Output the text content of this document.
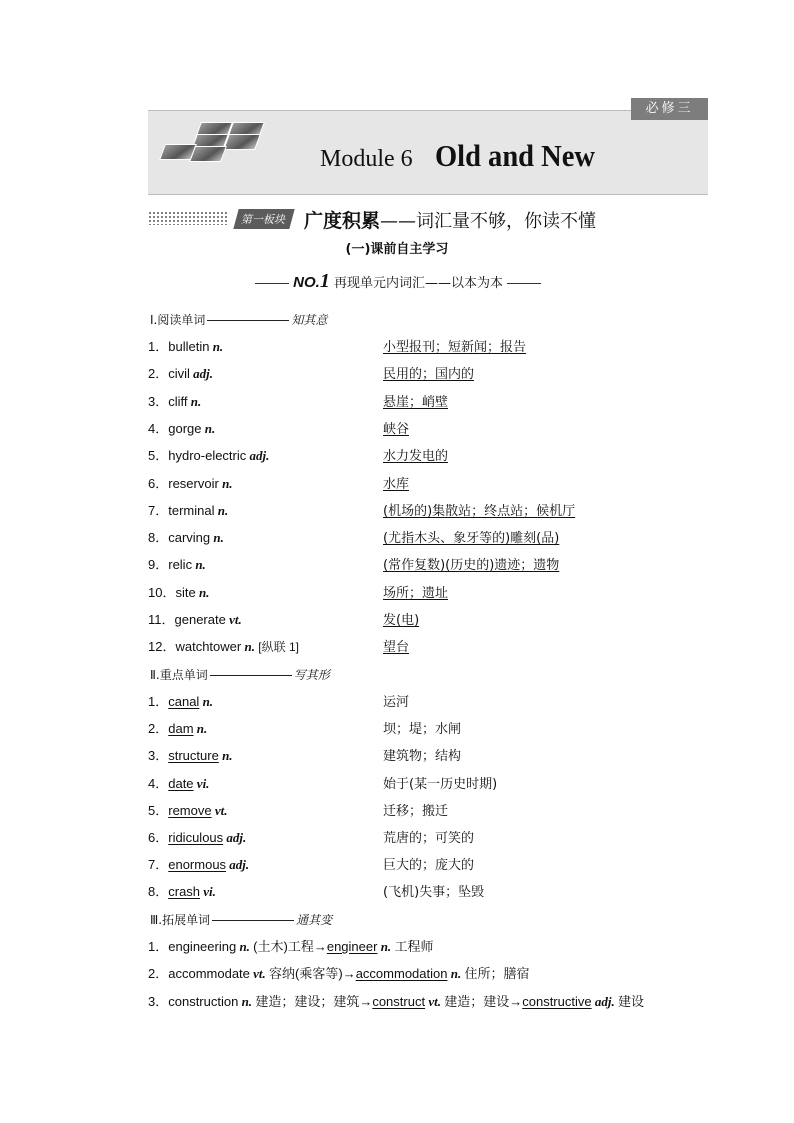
必修三
Module 6 Old and New
第一板块 广度积累——词汇量不够，你读不懂
(一)课前自主学习
NO.1 再现单元内词汇——以本为本
Ⅰ.阅读单词	知其意
1．bulletin n.	小型报刊；短新闻；报告
2．civil adj.	民用的；国内的
3．cliff n.	悬崖；峭壁
4．gorge n.	峡谷
5．hydro-electric adj.	水力发电的
6．reservoir n.	水库
7．terminal n.	(机场的)集散站；终点站；候机厅
8．carving n.	(尤指木头、象牙等的)雕刻(品)
9．relic n.	(常作复数)(历史的)遗迹；遗物
10．site n.	场所；遗址
11．generate vt.	发(电)
12．watchtower n. [纵联 1]	望台
Ⅱ.重点单词	写其形
1．canal n.	运河
2．dam n.	坝；堤；水闸
3．structure n.	建筑物；结构
4．date vi.	始于(某一历史时期)
5．remove vt.	迁移；搬迁
6．ridiculous adj.	荒唐的；可笑的
7．enormous adj.	巨大的；庞大的
8．crash vi.	(飞机)失事；坠毁
Ⅲ.拓展单词	通其变
1．engineering n. (土木)工程→engineer n. 工程师
2．accommodate vt. 容纳(乘客等)→accommodation n. 住所；膳宿
3．construction n. 建造；建设；建筑→construct vt. 建造；建设→constructive adj. 建设
